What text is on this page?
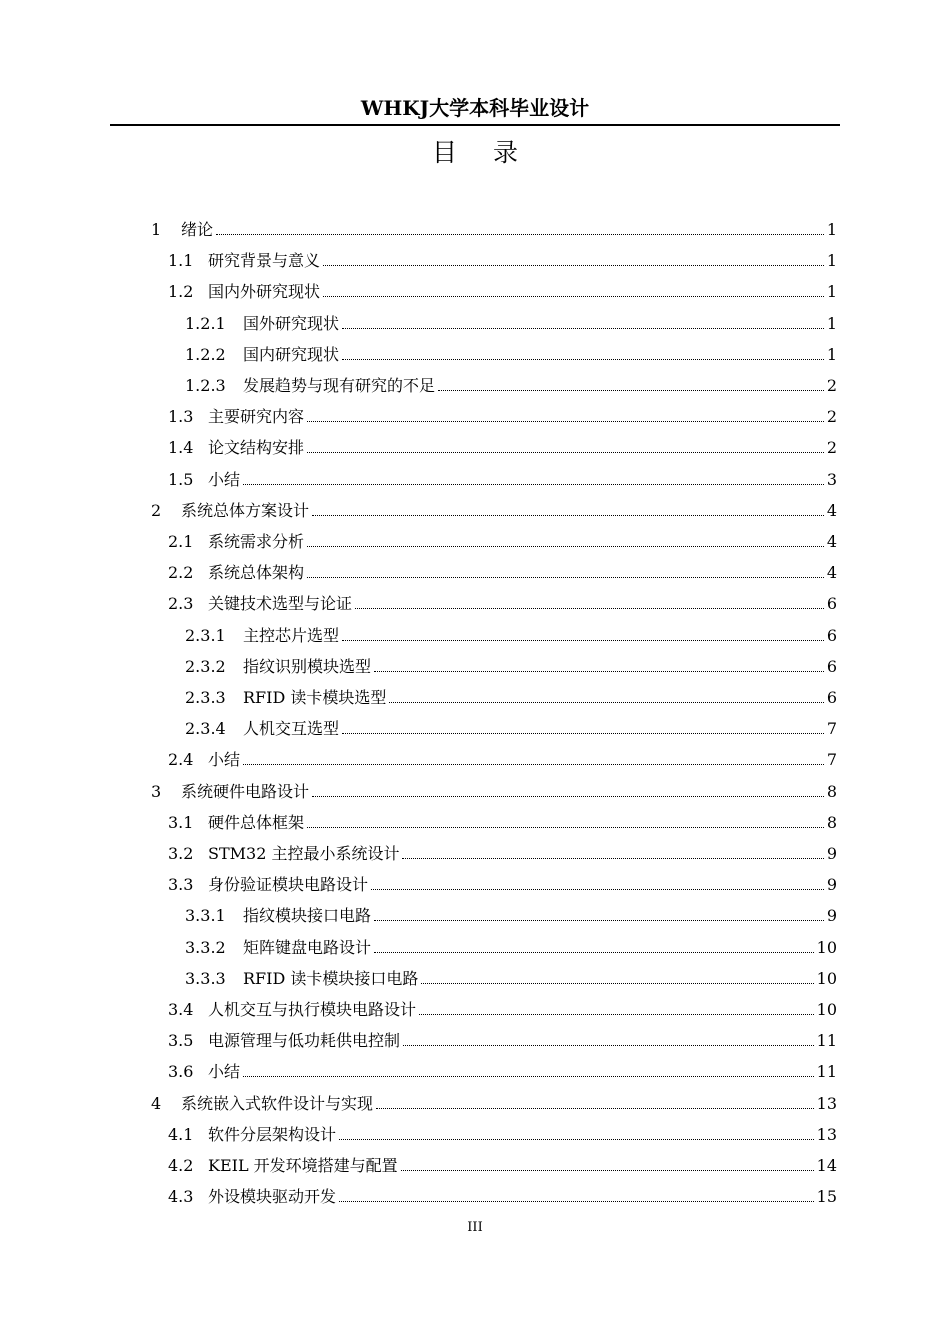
WHKJ大学本科毕业设计
目 录
1	绪论	1
1.1 研究背景与意义	1
1.2 国内外研究现状	1
1.2.1	国外研究现状	1
1.2.2	国内研究现状	1
1.2.3	发展趋势与现有研究的不足	2
1.3 主要研究内容	2
1.4 论文结构安排	2
1.5 小结	3
2	系统总体方案设计	4
2.1 系统需求分析	4
2.2 系统总体架构	4
2.3 关键技术选型与论证	6
2.3.1	主控芯片选型	6
2.3.2	指纹识别模块选型	6
2.3.3	RFID 读卡模块选型	6
2.3.4	人机交互选型	7
2.4 小结	7
3	系统硬件电路设计	8
3.1 硬件总体框架	8
3.2 STM32 主控最小系统设计	9
3.3 身份验证模块电路设计	9
3.3.1	指纹模块接口电路	9
3.3.2	矩阵键盘电路设计	10
3.3.3	RFID 读卡模块接口电路	10
3.4 人机交互与执行模块电路设计	10
3.5 电源管理与低功耗供电控制	11
3.6 小结	11
4	系统嵌入式软件设计与实现	13
4.1 软件分层架构设计	13
4.2 KEIL 开发环境搭建与配置	14
4.3 外设模块驱动开发	15
III
